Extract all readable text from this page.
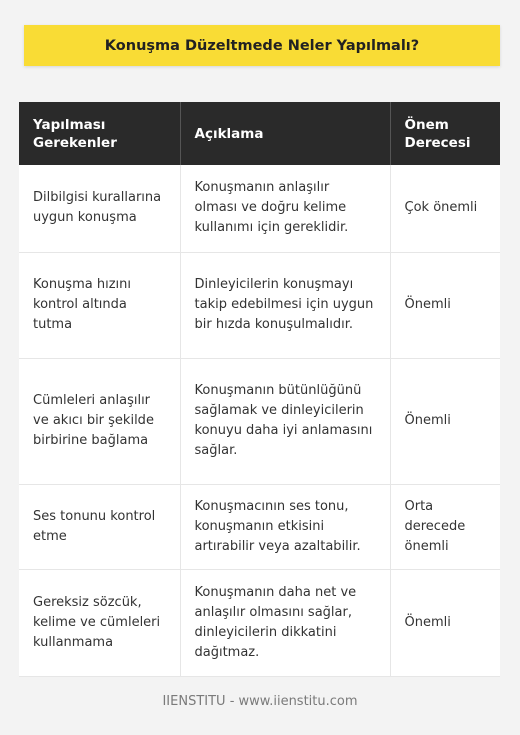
Konuşma Düzeltmede Neler Yapılmalı?
Yapılması Gerekenler	Açıklama	Önem Derecesi
Dilbilgisi kurallarına uygun konuşma	Konuşmanın anlaşılır olması ve doğru kelime kullanımı için gereklidir.	Çok önemli
Konuşma hızını kontrol altında tutma	Dinleyicilerin konuşmayı takip edebilmesi için uygun bir hızda konuşulmalıdır.	Önemli
Cümleleri anlaşılır ve akıcı bir şekilde birbirine bağlama	Konuşmanın bütünlüğünü sağlamak ve dinleyicilerin konuyu daha iyi anlamasını sağlar.	Önemli
Ses tonunu kontrol etme	Konuşmacının ses tonu, konuşmanın etkisini artırabilir veya azaltabilir.	Orta derecede önemli
Gereksiz sözcük, kelime ve cümleleri kullanmama	Konuşmanın daha net ve anlaşılır olmasını sağlar, dinleyicilerin dikkatini dağıtmaz.	Önemli
IIENSTITU - www.iienstitu.com
